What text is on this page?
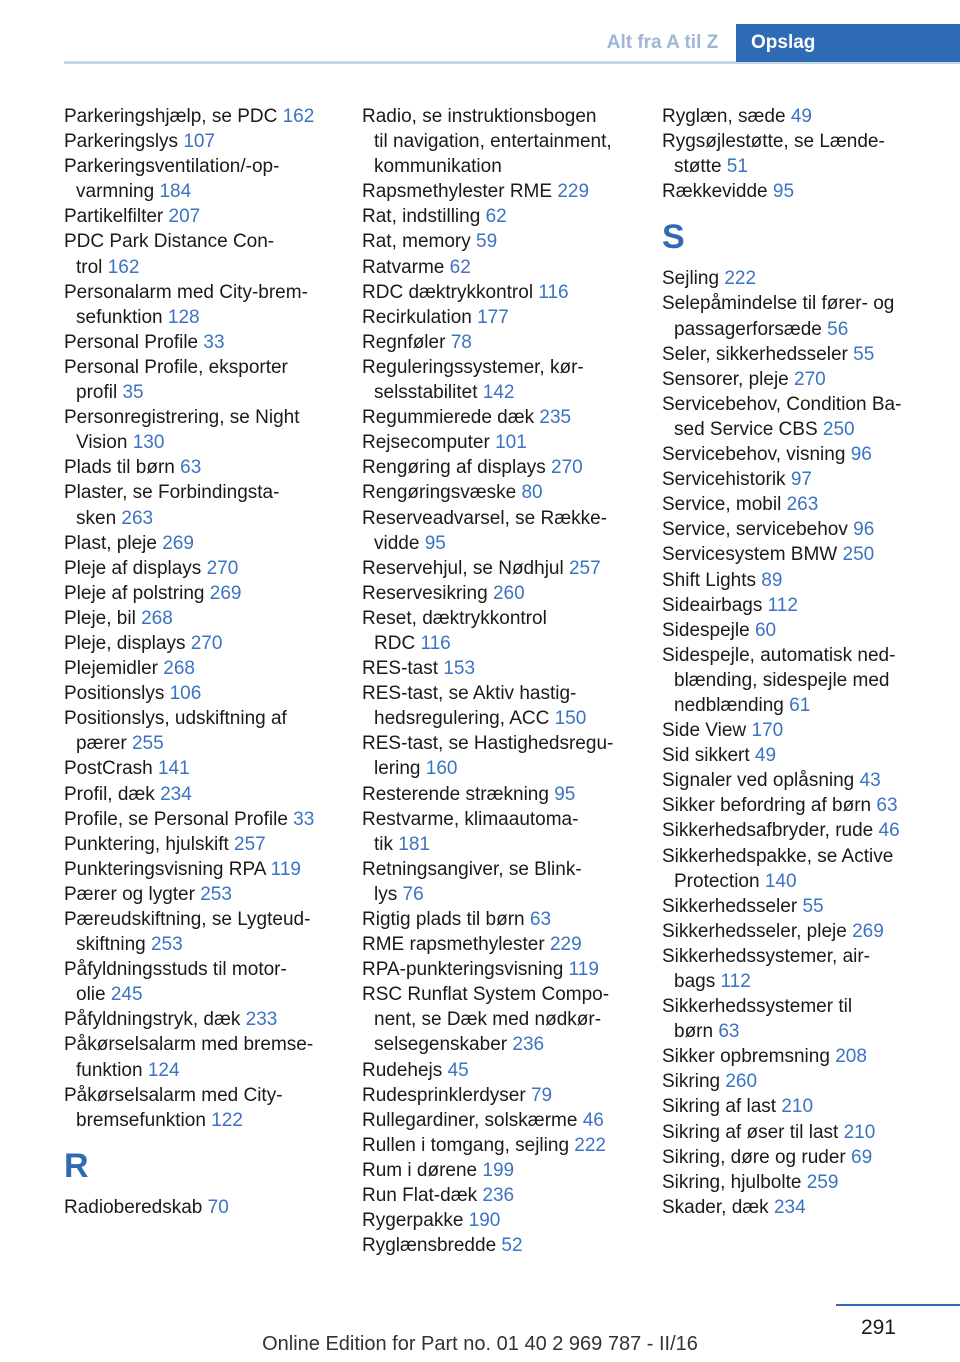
Alt fra A til Z	Opslag
Parkeringshjælp, se PDC 162
Parkeringslys 107
Parkeringsventilation/-op-
varmning 184
Partikelfilter 207
PDC Park Distance Con-
trol 162
Personalarm med City-brem-
sefunktion 128
Personal Profile 33
Personal Profile, eksporter
profil 35
Personregistrering, se Night
Vision 130
Plads til børn 63
Plaster, se Forbindingsta-
sken 263
Plast, pleje 269
Pleje af displays 270
Pleje af polstring 269
Pleje, bil 268
Pleje, displays 270
Plejemidler 268
Positionslys 106
Positionslys, udskiftning af
pærer 255
PostCrash 141
Profil, dæk 234
Profile, se Personal Profile 33
Punktering, hjulskift 257
Punkteringsvisning RPA 119
Pærer og lygter 253
Pæreudskiftning, se Lygteud-
skiftning 253
Påfyldningsstuds til motor-
olie 245
Påfyldningstryk, dæk 233
Påkørselsalarm med bremse-
funktion 124
Påkørselsalarm med City-
bremsefunktion 122
R
Radioberedskab 70
Radio, se instruktionsbogen
til navigation, entertainment,
kommunikation
Rapsmethylester RME 229
Rat, indstilling 62
Rat, memory 59
Ratvarme 62
RDC dæktrykkontrol 116
Recirkulation 177
Regnføler 78
Reguleringssystemer, kør-
selsstabilitet 142
Regummierede dæk 235
Rejsecomputer 101
Rengøring af displays 270
Rengøringsvæske 80
Reserveadvarsel, se Række-
vidde 95
Reservehjul, se Nødhjul 257
Reservesikring 260
Reset, dæktrykkontrol
RDC 116
RES-tast 153
RES-tast, se Aktiv hastig-
hedsregulering, ACC 150
RES-tast, se Hastighedsregu-
lering 160
Resterende strækning 95
Restvarme, klimaautoma-
tik 181
Retningsangiver, se Blink-
lys 76
Rigtig plads til børn 63
RME rapsmethylester 229
RPA-punkteringsvisning 119
RSC Runflat System Compo-
nent, se Dæk med nødkør-
selsegenskaber 236
Rudehejs 45
Rudesprinklerdyser 79
Rullegardiner, solskærme 46
Rullen i tomgang, sejling 222
Rum i dørene 199
Run Flat-dæk 236
Rygerpakke 190
Ryglænsbredde 52
Ryglæn, sæde 49
Rygsøjlestøtte, se Lænde-
støtte 51
Rækkevidde 95
S
Sejling 222
Selepåmindelse til fører- og
passagerforsæde 56
Seler, sikkerhedsseler 55
Sensorer, pleje 270
Servicebehov, Condition Ba-
sed Service CBS 250
Servicebehov, visning 96
Servicehistorik 97
Service, mobil 263
Service, servicebehov 96
Servicesystem BMW 250
Shift Lights 89
Sideairbags 112
Sidespejle 60
Sidespejle, automatisk ned-
blænding, sidespejle med
nedblænding 61
Side View 170
Sid sikkert 49
Signaler ved oplåsning 43
Sikker befordring af børn 63
Sikkerhedsafbryder, rude 46
Sikkerhedspakke, se Active
Protection 140
Sikkerhedsseler 55
Sikkerhedsseler, pleje 269
Sikkerhedssystemer, air-
bags 112
Sikkerhedssystemer til
børn 63
Sikker opbremsning 208
Sikring 260
Sikring af last 210
Sikring af øser til last 210
Sikring, døre og ruder 69
Sikring, hjulbolte 259
Skader, dæk 234
291
Online Edition for Part no. 01 40 2 969 787 - II/16
